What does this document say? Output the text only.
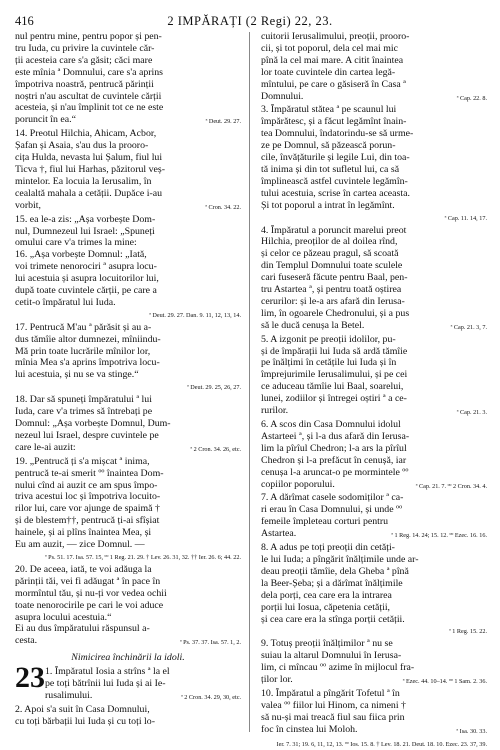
416	2 IMPĂRAȚI (2 Regi) 22, 23.
nul pentru mine, pentru popor și pen-
tru Iuda, cu privire la cuvintele căr-
ții acesteia care s'a găsit; căci mare
este mînia ª Domnului, care s'a aprins
împotriva noastră, pentrucă părinții
noștri n'au ascultat de cuvintele cărții
acesteia, și n'au împlinit tot ce ne este
poruncit în ea.“	ª Deut. 29. 27.
14. Preotul Hilchia, Ahicam, Acbor,
Șafan și Asaia, s'au dus la prooro-
cița Hulda, nevasta lui Șalum, fiul lui
Ticva †, fiul lui Harhas, păzitorul veș-
mintelor. Ea locuia la Ierusalim, în
cealaltă mahala a cetății. Dupăce i-au
vorbit,	ª Cron. 34. 22.
15. ea le-a zis: „Așa vorbește Dom-
nul, Dumnezeul lui Israel: „Spuneți
omului care v'a trimes la mine:
16. „Așa vorbește Domnul: „Iată,
voi trimete nenorociri ª asupra locu-
lui acestuia și asupra locuitorilor lui,
după toate cuvintele cărții, pe care a
cetit-o împăratul lui Iuda.
ª Deut. 29. 27. Dan. 9. 11, 12, 13, 14.
17. Pentrucă M'au ª părăsit și au a-
dus tămîie altor dumnezei, mîniindu-
Mă prin toate lucrările mînilor lor,
mînia Mea s'a aprins împotriva locu-
lui acestuia, și nu se va stinge.“
ª Deut. 29. 25, 26, 27.
18. Dar să spuneți împăratului ª lui
Iuda, care v'a trimes să întrebați pe
Domnul: „Așa vorbește Domnul, Dum-
nezeul lui Israel, despre cuvintele pe
care le-ai auzit:	ª 2 Cron. 34. 26, etc.
19. „Pentrucă ți s'a mișcat ª inima,
pentrucă te-ai smerit ºº înaintea Dom-
nului cînd ai auzit ce am spus împo-
triva acestui loc și împotriva locuito-
rilor lui, care vor ajunge de spaimă †
și de blestem††, pentrucă ți-ai sfîșiat
hainele, și ai plîns înaintea Mea, și
Eu am auzit, — zice Domnul. —
ª Ps. 51. 17. Isa. 57. 15, ºº 1 Reg. 21. 29. † Lev. 26. 31, 32. †† Ier. 26. 6; 44. 22.
20. De aceea, iată, te voi adăuga la
părinții tăi, vei fi adăugat ª în pace în
mormîntul tău, și nu-ți vor vedea ochii
toate nenorocirile pe cari le voi aduce
asupra locului acestuia.“
Ei au dus împăratului răspunsul a-
cesta.	ª Ps. 37. 37. Isa. 57. 1, 2.
Nimicirea închinării la idoli.
23 1. Împăratul Iosia a strîns ª la el
pe toți bătrînii lui Iuda și ai Ie-
rusalimului.	ª 2 Cron. 34. 29, 30, etc.
2. Apoi s'a suit în Casa Domnului,
cu toți bărbații lui Iuda și cu toți lo-
cuitorii Ierusalimului, preoții, prooro-
cii, și tot poporul, dela cel mai mic
pînă la cel mai mare. A citit înaintea
lor toate cuvintele din cartea legă-
mîntului, pe care o găsiseră în Casa ª
Domnului.	ª Cap. 22. 8.
3. Împăratul stătea ª pe scaunul lui
împărătesc, și a făcut legămînt înain-
tea Domnului, îndatorindu-se să urme-
ze pe Domnul, să păzească porun-
cile, învățăturile și legile Lui, din toa-
tă inima și din tot sufletul lui, ca să
împlinească astfel cuvintele legămîn-
tului acestuia, scrise în cartea aceasta.
Și tot poporul a intrat în legămînt.
ª Cap. 11. 14, 17.
4. Împăratul a poruncit marelui preot
Hilchia, preoților de al doilea rînd,
și celor ce păzeau pragul, să scoată
din Templul Domnului toate sculele
cari fuseseră făcute pentru Baal, pen-
tru Astartea ª, și pentru toată oștirea
cerurilor: și le-a ars afară din Ierusa-
lim, în ogoarele Chedronului, și a pus
să le ducă cenușa la Betel.	ª Cap. 21. 3, 7.
5. A izgonit pe preoții idolilor, pu-
și de împărații lui Iuda să ardă tămîie
pe înălțimi în cetățile lui Iuda și în
împrejurimile Ierusalimului, și pe cei
ce aduceau tămîie lui Baal, soarelui,
lunei, zodiilor și întregei oștiri ª a ce-
rurilor.	ª Cap. 21. 3.
6. A scos din Casa Domnului idolul
Astarteei ª, și l-a dus afară din Ierusa-
lim la pîrîul Chedron; l-a ars la pîrîul
Chedron și l-a prefăcut în cenușă, iar
cenușa l-a aruncat-o pe mormintele ºº
copiilor poporului.	ª Cap. 21. 7. ºº 2 Cron. 34. 4.
7. A dărîmat casele sodomiților ª ca-
ri erau în Casa Domnului, și unde ºº
femeile împleteau corturi pentru
Astartea.	ª 1 Reg. 14. 24; 15. 12. ºº Ezec. 16. 16.
8. A adus pe toți preoții din cetăți-
le lui Iuda; a pîngărit înălțimile unde ar-
deau preoții tămîie, dela Gheba ª pînă
la Beer-Șeba; și a dărîmat înălțimile
dela porți, cea care era la intrarea
porții lui Iosua, căpetenia cetății,
și cea care era la stînga porții cetății.
ª 1 Reg. 15. 22.
9. Totuș preoții înălțimilor ª nu se
suiau la altarul Domnului în Ierusa-
lim, ci mîncau ºº azime în mijlocul fra-
ților lor.	ª Ezec. 44. 10–14. ºº 1 Sam. 2. 36.
10. Împăratul a pîngărit Tofetul ª în
valea ºº fiilor lui Hinom, ca nimeni †
să nu-și mai treacă fiul sau fiica prin
foc în cinstea lui Moloh.	ª Isa. 30. 33.
Ier. 7. 31; 19. 6, 11, 12, 13. ºº Ios. 15. 8. † Lev. 18. 21. Deut. 18. 10. Ezec. 23. 37, 39.
